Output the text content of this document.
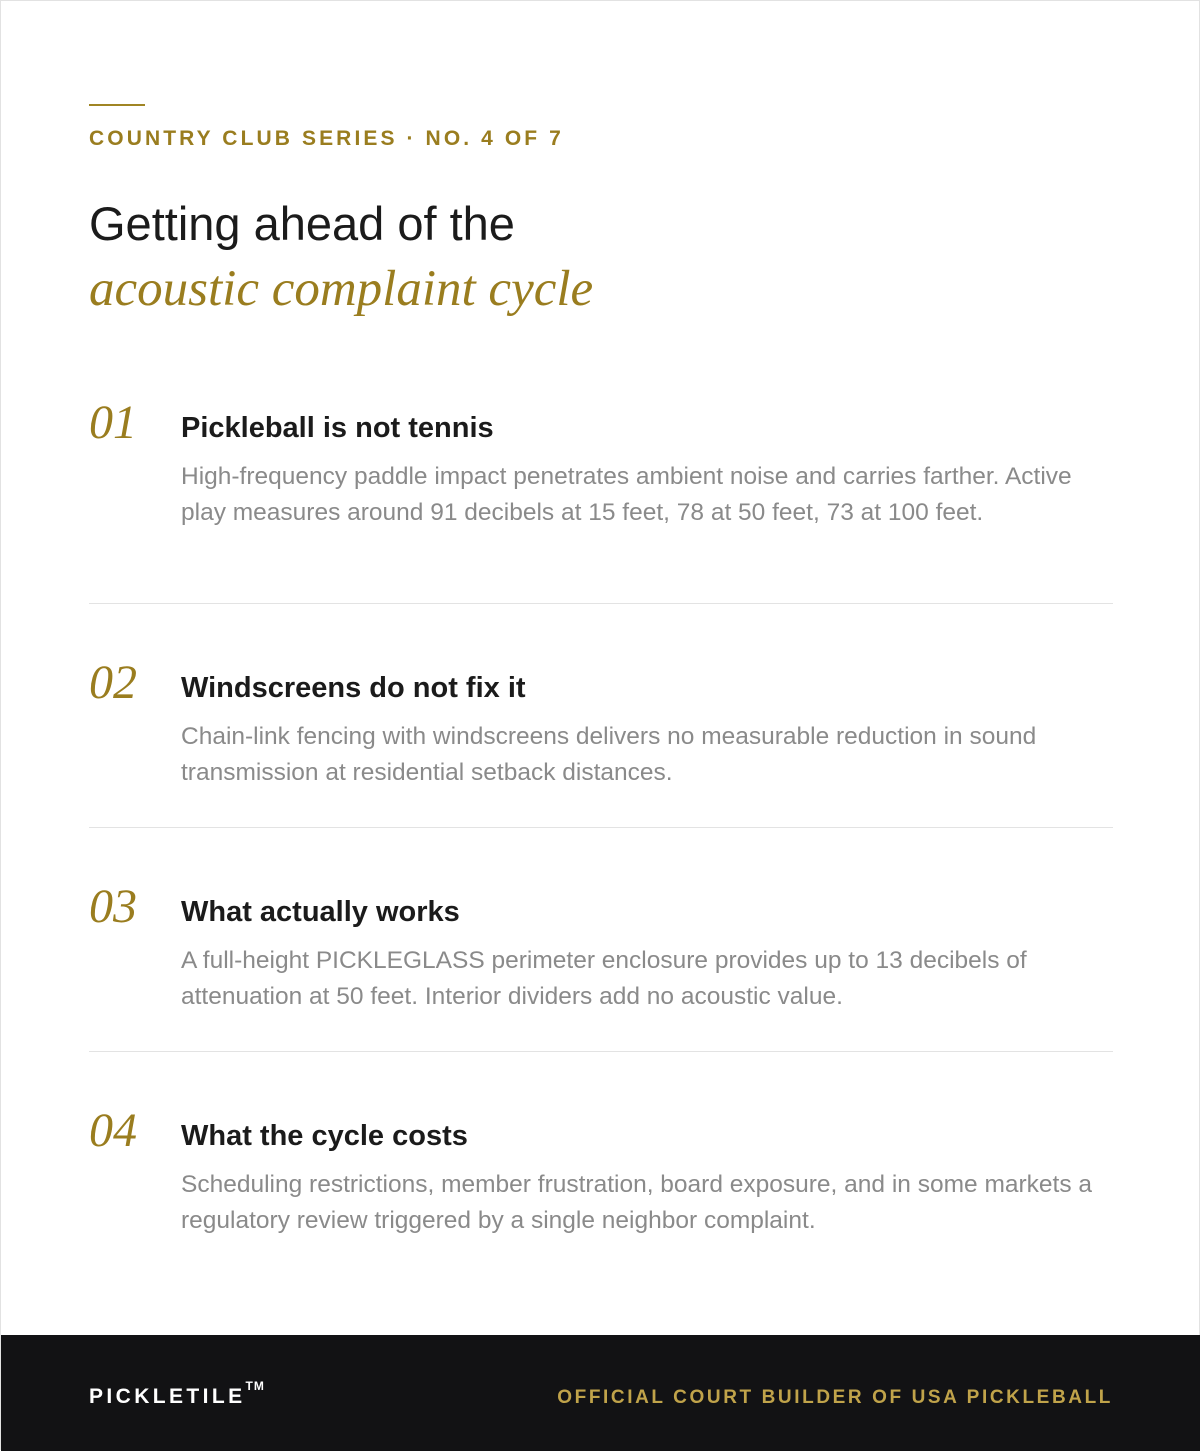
COUNTRY CLUB SERIES · NO. 4 OF 7
Getting ahead of the
acoustic complaint cycle
01 Pickleball is not tennis
High-frequency paddle impact penetrates ambient noise and carries farther. Active play measures around 91 decibels at 15 feet, 78 at 50 feet, 73 at 100 feet.
02 Windscreens do not fix it
Chain-link fencing with windscreens delivers no measurable reduction in sound transmission at residential setback distances.
03 What actually works
A full-height PICKLEGLASS perimeter enclosure provides up to 13 decibels of attenuation at 50 feet. Interior dividers add no acoustic value.
04 What the cycle costs
Scheduling restrictions, member frustration, board exposure, and in some markets a regulatory review triggered by a single neighbor complaint.
PICKLETILE™
OFFICIAL COURT BUILDER OF USA PICKLEBALL
